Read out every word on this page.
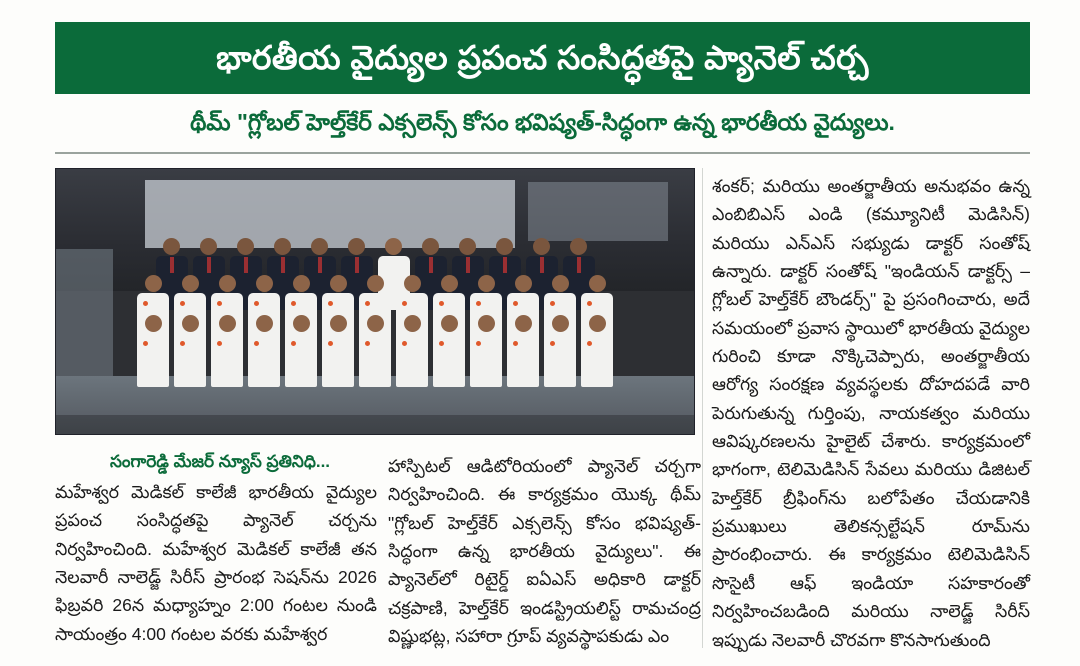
భారతీయ వైద్యుల ప్రపంచ సంసిద్ధతపై ప్యానెల్ చర్చ
థీమ్ "గ్లోబల్ హెల్త్‌కేర్ ఎక్సలెన్స్ కోసం భవిష్యత్-సిద్ధంగా ఉన్న భారతీయ వైద్యులు.
సంగారెడ్డి మేజర్ న్యూస్ ప్రతినిధి...

మహేశ్వర మెడికల్ కాలేజీ భారతీయ వైద్యుల ప్రపంచ సంసిద్ధతపై ప్యానెల్ చర్చను నిర్వహించింది. మహేశ్వర మెడికల్ కాలేజీ తన నెలవారీ నాలెడ్జ్ సిరీస్ ప్రారంభ సెషన్‌ను 2026 ఫిబ్రవరి 26న మధ్యాహ్నం 2:00 గంటల నుండి సాయంత్రం 4:00 గంటల వరకు మహేశ్వర

హాస్పిటల్ ఆడిటోరియంలో ప్యానెల్ చర్చగా నిర్వహించింది. ఈ కార్యక్రమం యొక్క థీమ్ "గ్లోబల్ హెల్త్‌కేర్ ఎక్సలెన్స్ కోసం భవిష్యత్-సిద్ధంగా ఉన్న భారతీయ వైద్యులు". ఈ ప్యానెల్‌లో రిటైర్డ్ ఐఏఎస్ అధికారి డాక్టర్ చక్రపాణి, హెల్త్‌కేర్ ఇండస్ట్రియలిస్ట్ రామచంద్ర విష్ణుభట్ల, సహారా గ్రూప్ వ్యవస్థాపకుడు ఎం

శంకర్; మరియు అంతర్జాతీయ అనుభవం ఉన్న ఎంబిబిఎస్ ఎండి (కమ్యూనిటీ మెడిసిన్) మరియు ఎన్ఎస్ సభ్యుడు డాక్టర్ సంతోష్ ఉన్నారు. డాక్టర్ సంతోష్ "ఇండియన్ డాక్టర్స్ – గ్లోబల్ హెల్త్‌కేర్ బౌండర్స్" పై ప్రసంగించారు, అదే సమయంలో ప్రవాస స్థాయిలో భారతీయ వైద్యుల గురించి కూడా నొక్కిచెప్పారు, అంతర్జాతీయ ఆరోగ్య సంరక్షణ వ్యవస్థలకు దోహదపడే వారి పెరుగుతున్న గుర్తింపు, నాయకత్వం మరియు ఆవిష్కరణలను హైలైట్ చేశారు. కార్యక్రమంలో భాగంగా, టెలిమెడిసిన్ సేవలు మరియు డిజిటల్ హెల్త్‌కేర్ బ్రీఫింగ్‌ను బలోపేతం చేయడానికి ప్రముఖులు తెలికన్సల్టేషన్ రూమ్‌ను ప్రారంభించారు. ఈ కార్యక్రమం టెలిమెడిసిన్ సొసైటీ ఆఫ్ ఇండియా సహకారంతో నిర్వహించబడింది మరియు నాలెడ్జ్ సిరీస్ ఇప్పుడు నెలవారీ చొరవగా కొనసాగుతుంది
